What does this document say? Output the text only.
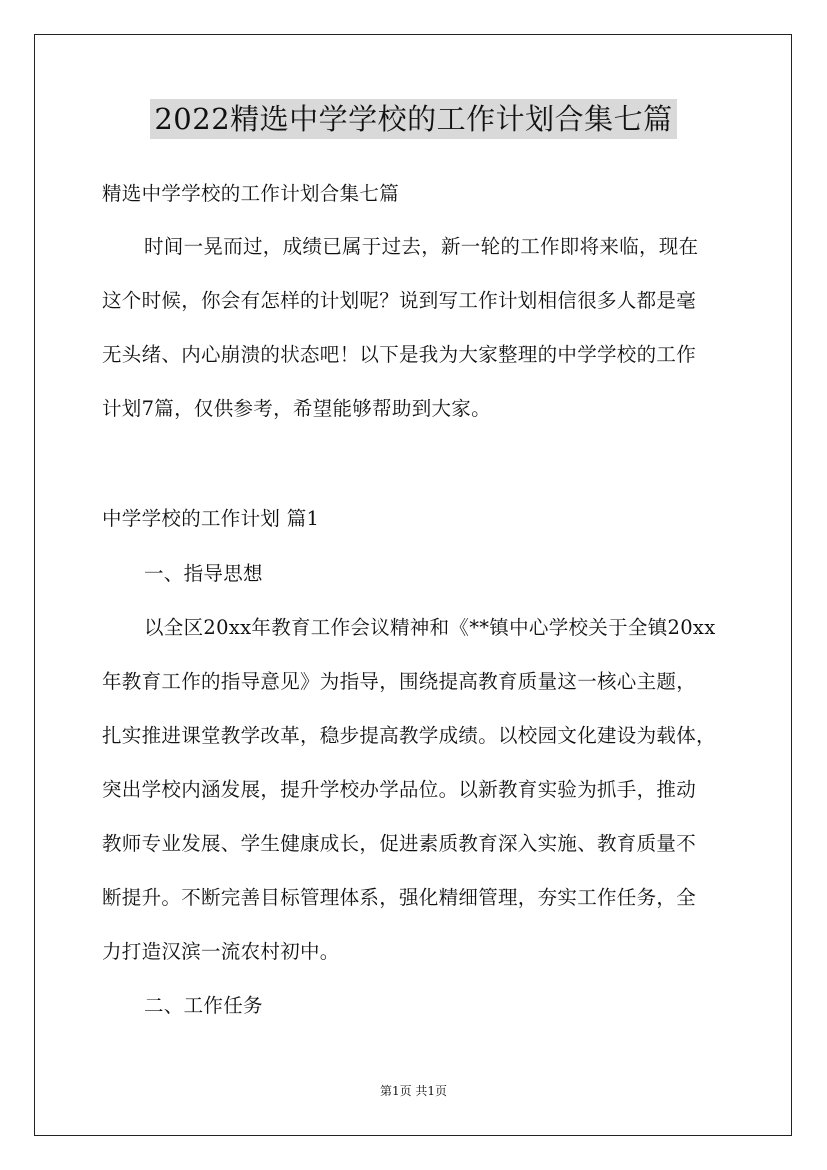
2022精选中学学校的工作计划合集七篇
精选中学学校的工作计划合集七篇
时间一晃而过，成绩已属于过去，新一轮的工作即将来临，现在
这个时候，你会有怎样的计划呢？说到写工作计划相信很多人都是毫
无头绪、内心崩溃的状态吧！以下是我为大家整理的中学学校的工作
计划7篇，仅供参考，希望能够帮助到大家。
中学学校的工作计划 篇1
一、指导思想
以全区20xx年教育工作会议精神和《**镇中心学校关于全镇20xx
年教育工作的指导意见》为指导，围绕提高教育质量这一核心主题，
扎实推进课堂教学改革，稳步提高教学成绩。以校园文化建设为载体，
突出学校内涵发展，提升学校办学品位。以新教育实验为抓手，推动
教师专业发展、学生健康成长，促进素质教育深入实施、教育质量不
断提升。不断完善目标管理体系，强化精细管理，夯实工作任务，全
力打造汉滨一流农村初中。
二、工作任务
第1页 共1页
